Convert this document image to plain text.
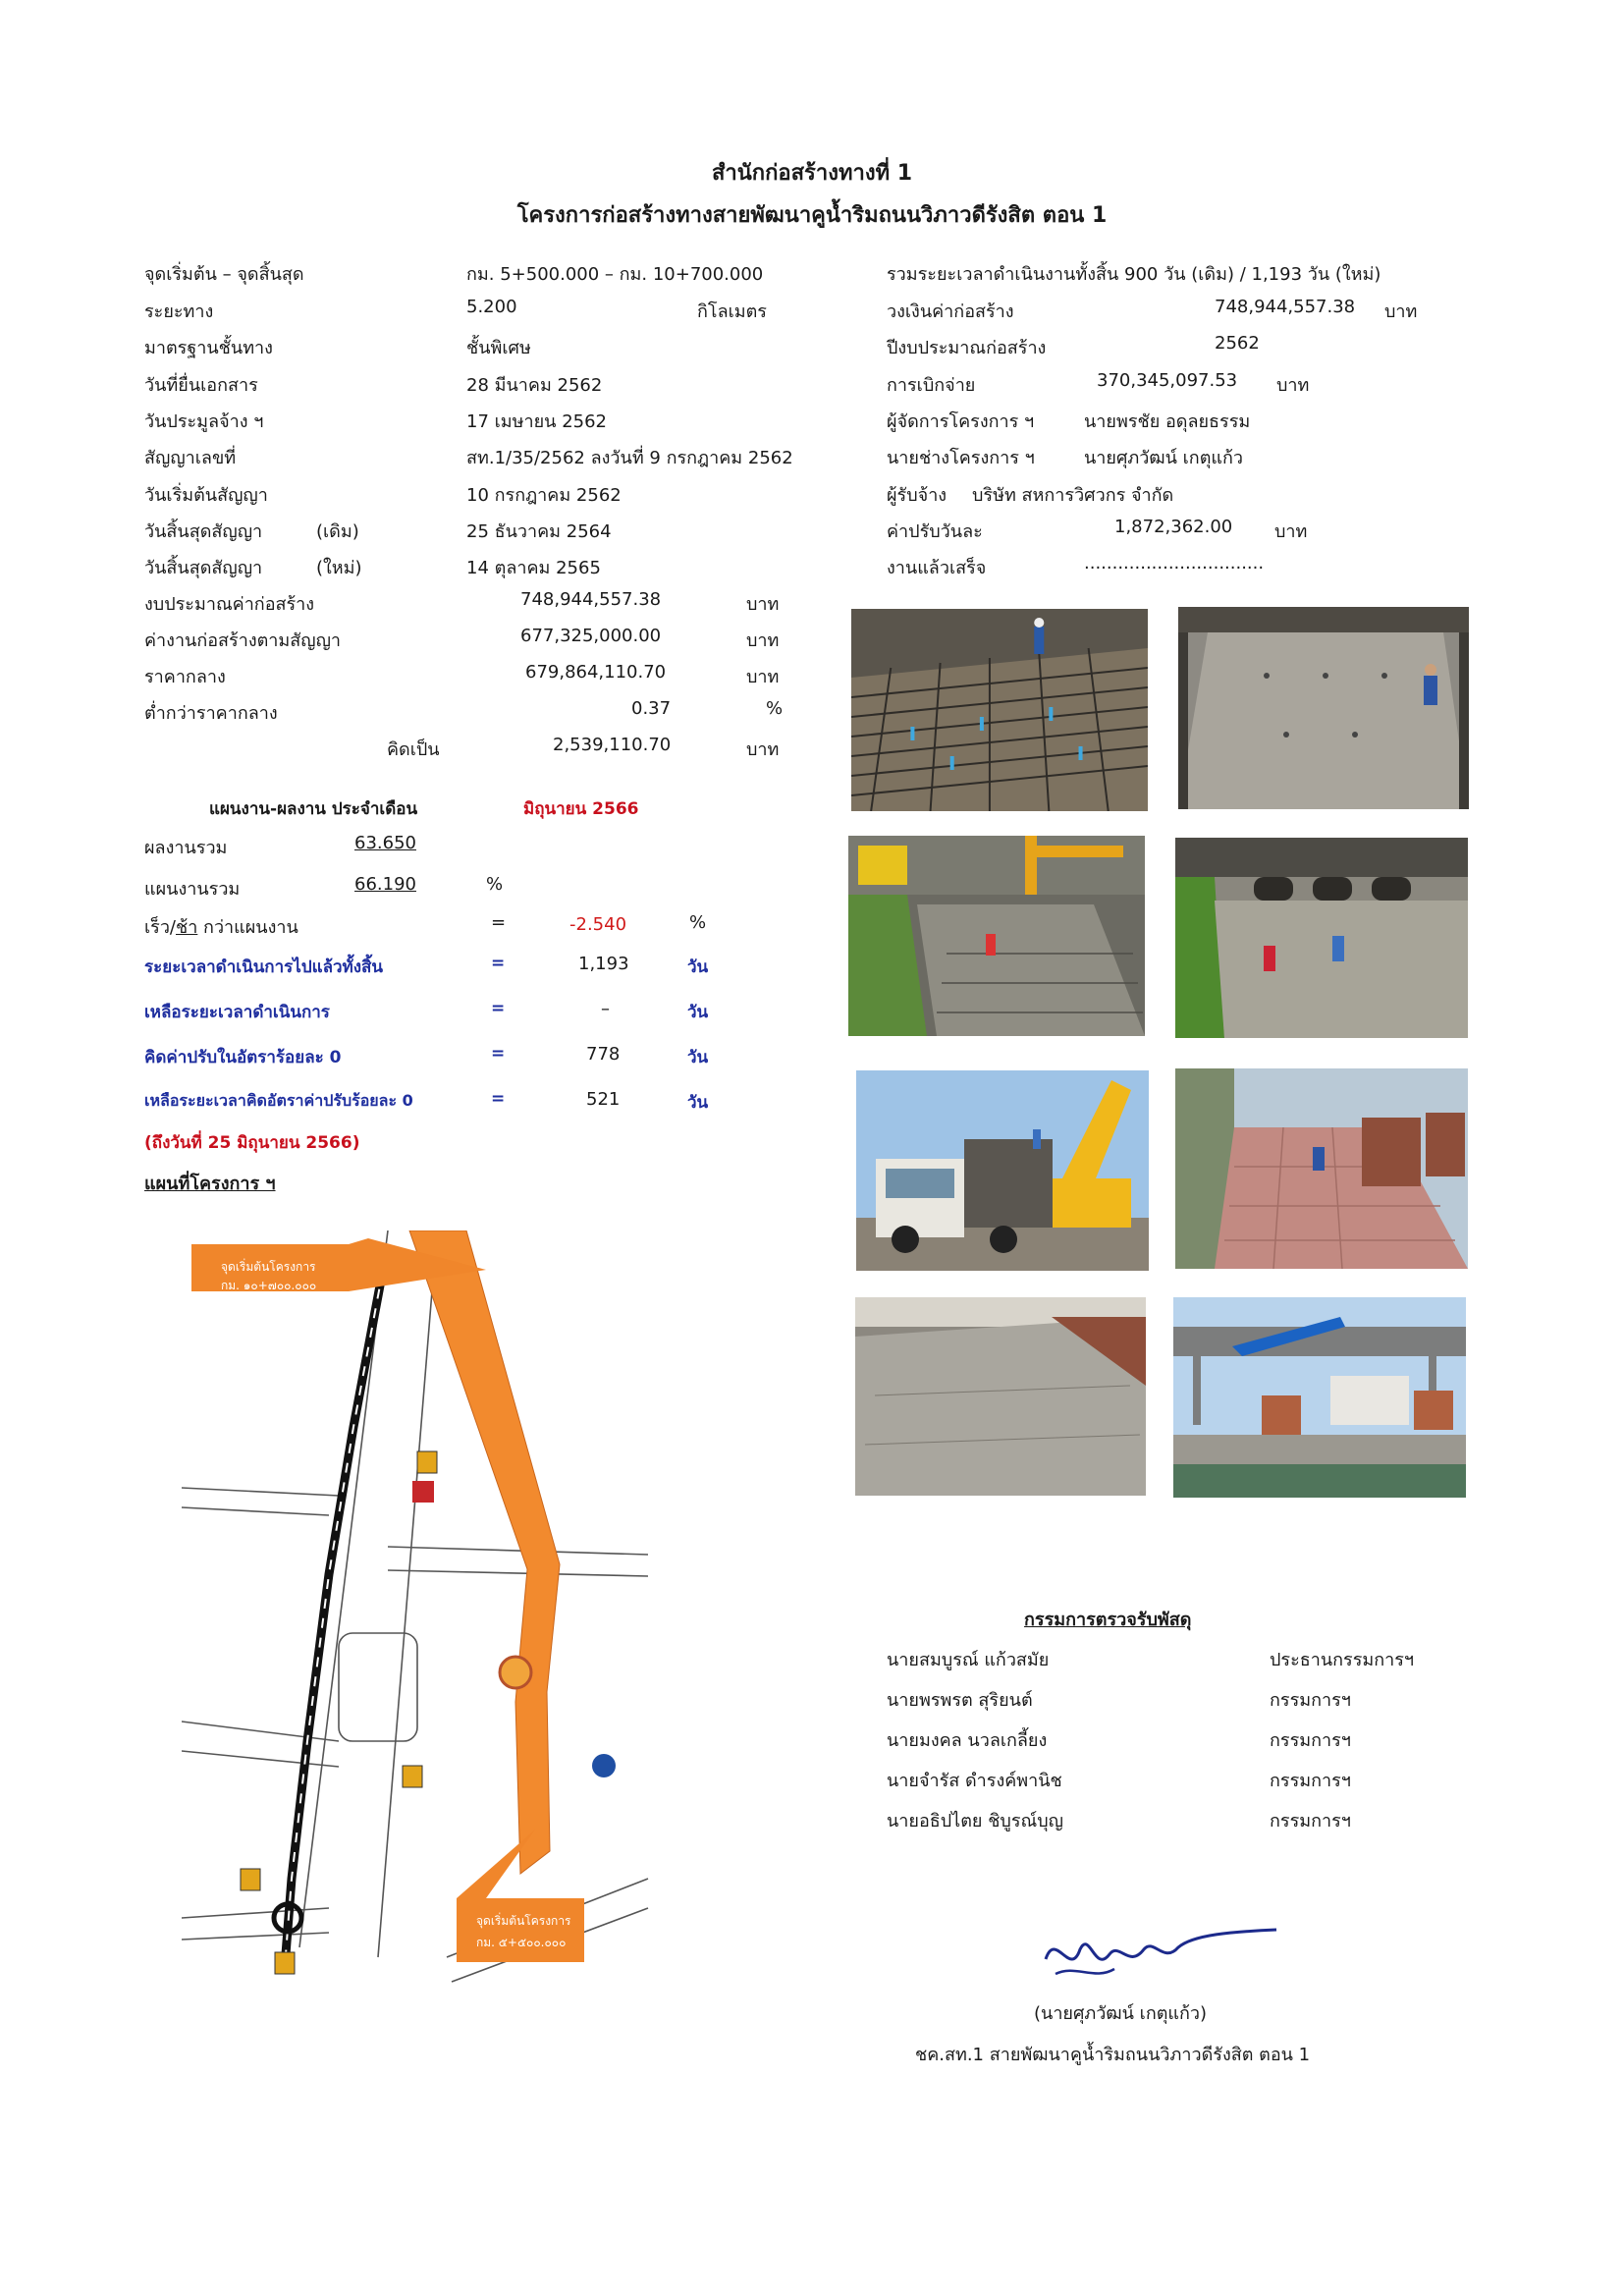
สำนักก่อสร้างทางที่ 1
โครงการก่อสร้างทางสายพัฒนาคูน้ำริมถนนวิภาวดีรังสิต ตอน 1
จุดเริ่มต้น – จุดสิ้นสุด	กม. 5+500.000 – กม. 10+700.000
ระยะทาง	5.200	กิโลเมตร
มาตรฐานชั้นทาง	ชั้นพิเศษ
วันที่ยื่นเอกสาร	28 มีนาคม 2562
วันประมูลจ้าง ฯ	17 เมษายน 2562
สัญญาเลขที่	สท.1/35/2562 ลงวันที่ 9 กรกฎาคม 2562
วันเริ่มต้นสัญญา	10 กรกฎาคม 2562
วันสิ้นสุดสัญญา	(เดิม)	25 ธันวาคม 2564
วันสิ้นสุดสัญญา	(ใหม่)	14 ตุลาคม 2565
งบประมาณค่าก่อสร้าง	748,944,557.38	บาท
ค่างานก่อสร้างตามสัญญา	677,325,000.00	บาท
ราคากลาง	679,864,110.70	บาท
ต่ำกว่าราคากลาง	0.37	%
คิดเป็น	2,539,110.70	บาท
รวมระยะเวลาดำเนินงานทั้งสิ้น 900 วัน (เดิม) / 1,193 วัน (ใหม่)
วงเงินค่าก่อสร้าง	748,944,557.38 บาท
ปีงบประมาณก่อสร้าง	2562
การเบิกจ่าย	370,345,097.53 บาท
ผู้จัดการโครงการ ฯ	นายพรชัย อดุลยธรรม
นายช่างโครงการ ฯ	นายศุภวัฒน์ เกตุแก้ว
ผู้รับจ้าง บริษัท สหการวิศวกร จำกัด
ค่าปรับวันละ	1,872,362.00 บาท
งานแล้วเสร็จ	................................
แผนงาน-ผลงาน ประจำเดือน	มิถุนายน 2566
ผลงานรวม	63.650
แผนงานรวม	66.190	%
เร็ว/ช้า กว่าแผนงาน	=	-2.540	%
ระยะเวลาดำเนินการไปแล้วทั้งสิ้น	=	1,193	วัน
เหลือระยะเวลาดำเนินการ	=	–	วัน
คิดค่าปรับในอัตราร้อยละ 0	=	778	วัน
เหลือระยะเวลาคิดอัตราค่าปรับร้อยละ 0	=	521	วัน
(ถึงวันที่ 25 มิถุนายน 2566)
แผนที่โครงการ ฯ
จุดเริ่มต้นโครงการ
กม. ๑๐+๗๐๐.๐๐๐
จุดเริ่มต้นโครงการ
กม. ๕+๕๐๐.๐๐๐
กรรมการตรวจรับพัสดุ
นายสมบูรณ์ แก้วสมัย	ประธานกรรมการฯ
นายพรพรต สุริยนต์	กรรมการฯ
นายมงคล นวลเกลี้ยง	กรรมการฯ
นายจำรัส ดำรงค์พานิช	กรรมการฯ
นายอธิปไตย ชิบูรณ์บุญ	กรรมการฯ
(นายศุภวัฒน์ เกตุแก้ว)
ชค.สท.1 สายพัฒนาคูน้ำริมถนนวิภาวดีรังสิต ตอน 1
